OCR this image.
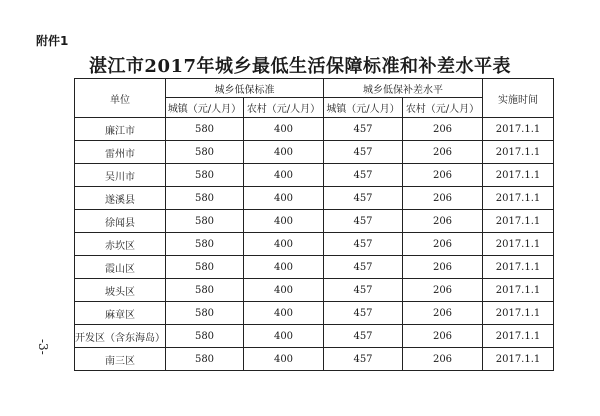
附件1
湛江市2017年城乡最低生活保障标准和补差水平表
-3-
单位	城乡低保标准		城乡低保补差水平		实施时间
	城镇（元/人月）	农村（元/人月）	城镇（元/人月）	农村（元/人月）	
廉江市	580	400	457	206	2017.1.1
雷州市	580	400	457	206	2017.1.1
吴川市	580	400	457	206	2017.1.1
遂溪县	580	400	457	206	2017.1.1
徐闻县	580	400	457	206	2017.1.1
赤坎区	580	400	457	206	2017.1.1
霞山区	580	400	457	206	2017.1.1
坡头区	580	400	457	206	2017.1.1
麻章区	580	400	457	206	2017.1.1
开发区（含东海岛）	580	400	457	206	2017.1.1
南三区	580	400	457	206	2017.1.1
